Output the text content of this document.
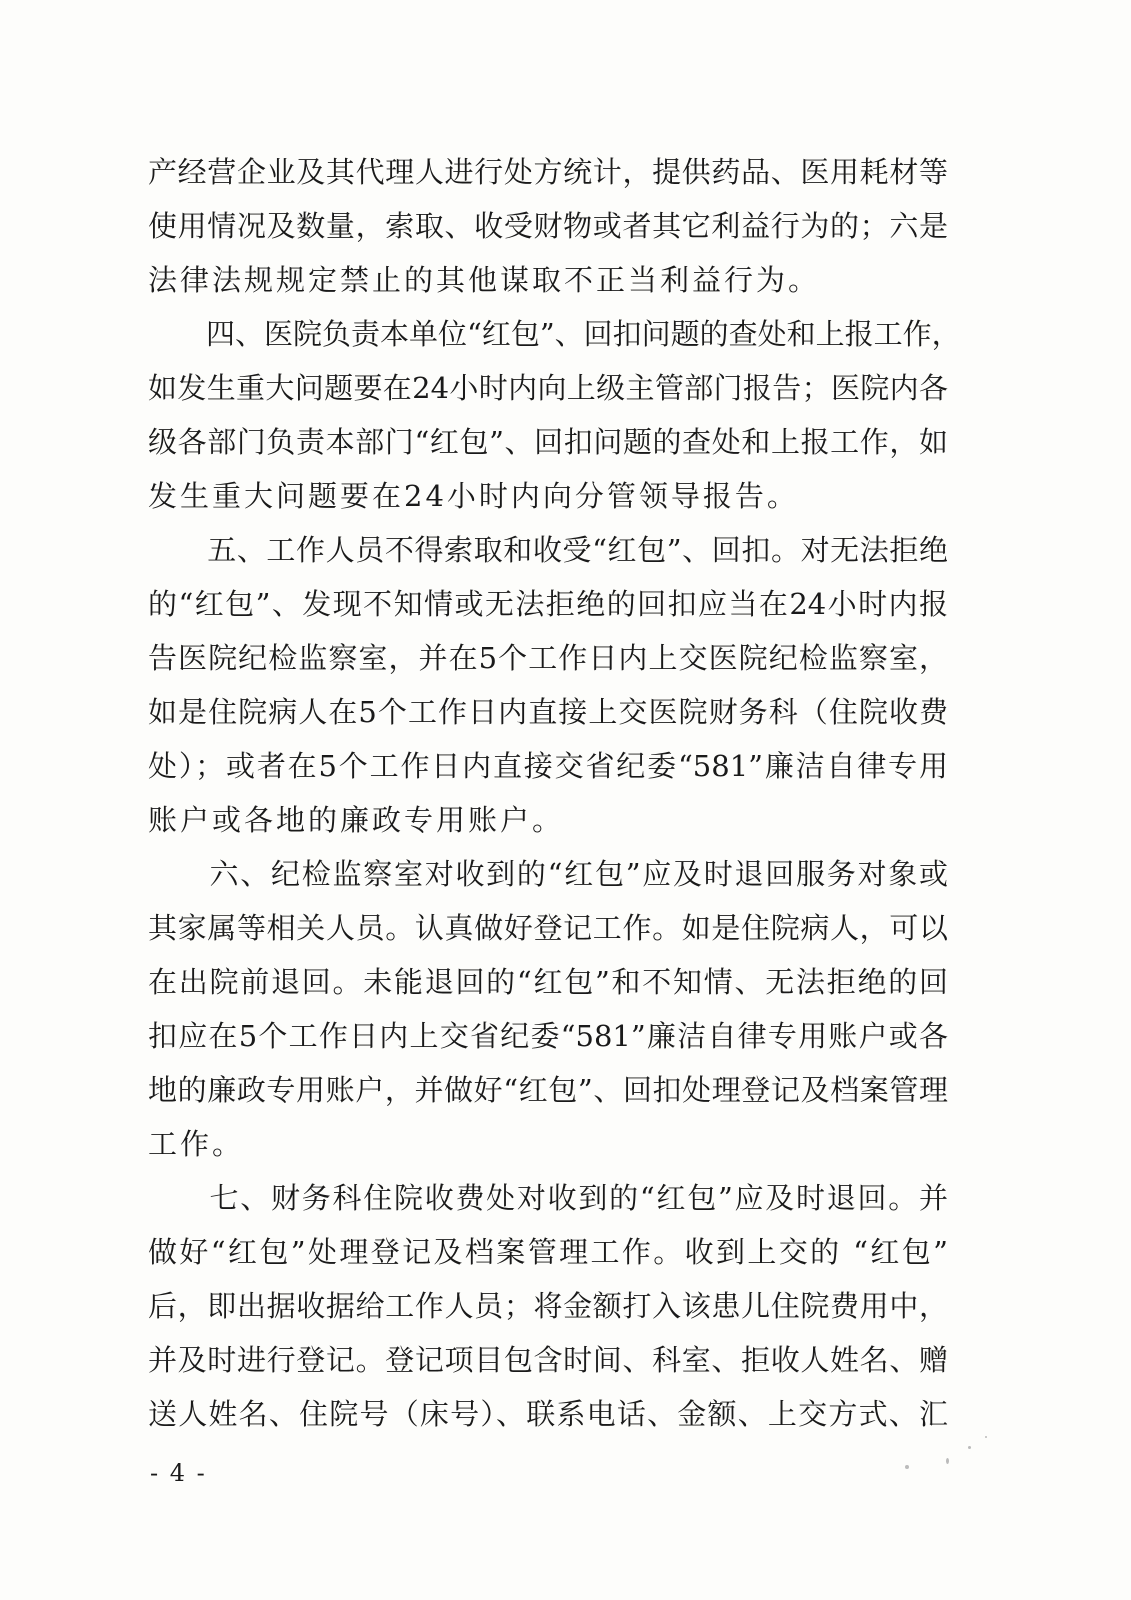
产经营企业及其代理人进行处方统计，提供药品、医用耗材等
使用情况及数量，索取、收受财物或者其它利益行为的；六是
法律法规规定禁止的其他谋取不正当利益行为。
　　四、医院负责本单位“红包”、回扣问题的查处和上报工作，
如发生重大问题要在24小时内向上级主管部门报告；医院内各
级各部门负责本部门“红包”、回扣问题的查处和上报工作，如
发生重大问题要在24小时内向分管领导报告。
　　五、工作人员不得索取和收受“红包”、回扣。对无法拒绝
的“红包”、发现不知情或无法拒绝的回扣应当在24小时内报
告医院纪检监察室，并在5个工作日内上交医院纪检监察室，
如是住院病人在5个工作日内直接上交医院财务科（住院收费
处）；或者在5个工作日内直接交省纪委“581”廉洁自律专用
账户或各地的廉政专用账户。
　　六、纪检监察室对收到的“红包”应及时退回服务对象或
其家属等相关人员。认真做好登记工作。如是住院病人，可以
在出院前退回。未能退回的“红包”和不知情、无法拒绝的回
扣应在5个工作日内上交省纪委“581”廉洁自律专用账户或各
地的廉政专用账户，并做好“红包”、回扣处理登记及档案管理
工作。
　　七、财务科住院收费处对收到的“红包”应及时退回。并
做好“红包”处理登记及档案管理工作。收到上交的 “红包”
后，即出据收据给工作人员；将金额打入该患儿住院费用中，
并及时进行登记。登记项目包含时间、科室、拒收人姓名、赠
送人姓名、住院号（床号）、联系电话、金额、上交方式、汇
- 4 -
